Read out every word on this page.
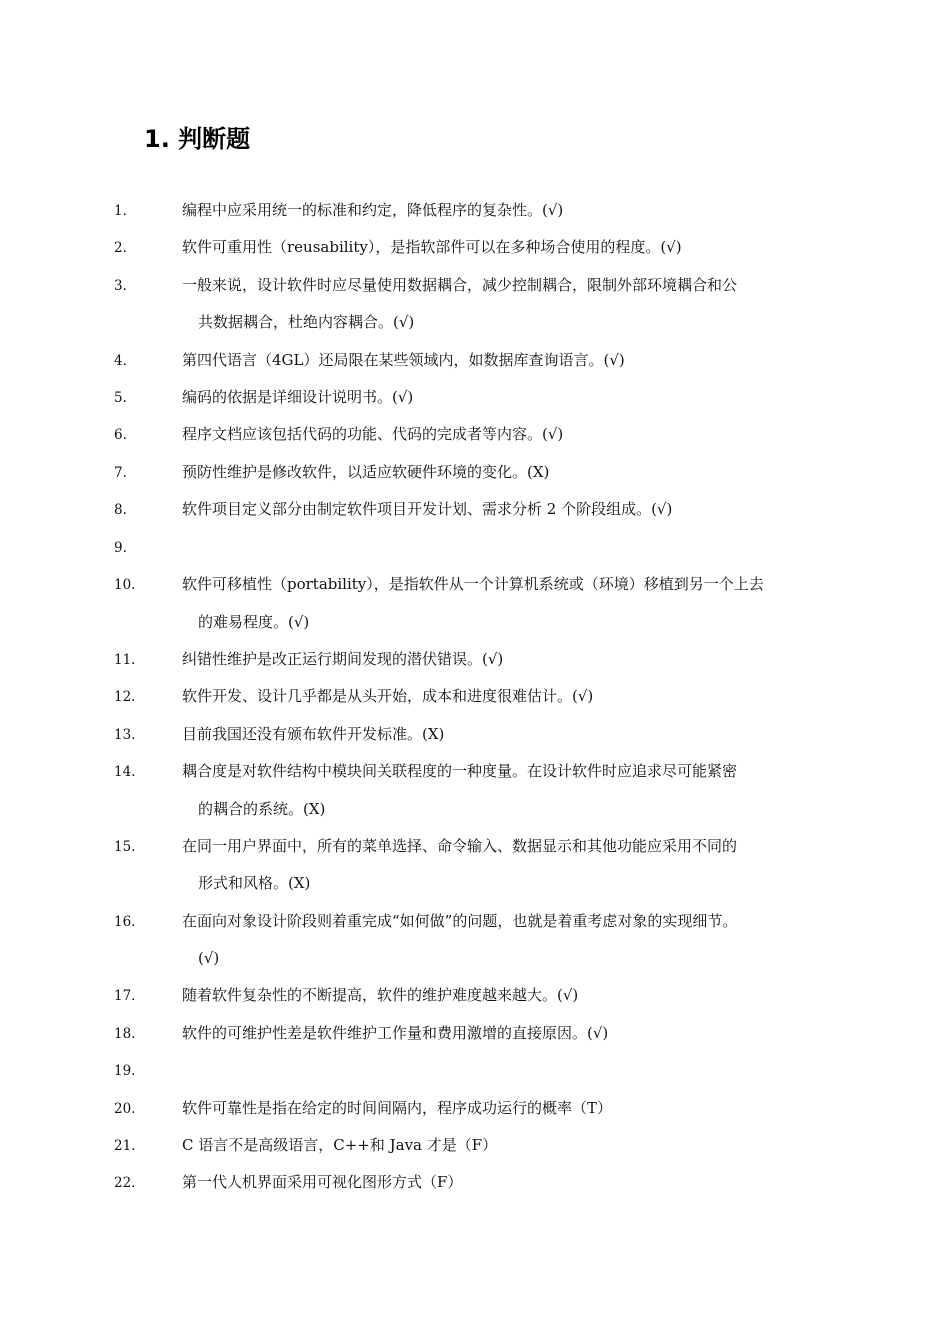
1. 判断题
1.	编程中应采用统一的标准和约定，降低程序的复杂性。(√)
2.	软件可重用性（reusability），是指软部件可以在多种场合使用的程度。(√)
3.	一般来说，设计软件时应尽量使用数据耦合，减少控制耦合，限制外部环境耦合和公

共数据耦合，杜绝内容耦合。(√)
4.	第四代语言（4GL）还局限在某些领域内，如数据库查询语言。(√)
5.	编码的依据是详细设计说明书。(√)
6.	程序文档应该包括代码的功能、代码的完成者等内容。(√)
7.	预防性维护是修改软件，以适应软硬件环境的变化。(X)
8.	软件项目定义部分由制定软件项目开发计划、需求分析 2 个阶段组成。(√)
9.
10.	软件可移植性（portability），是指软件从一个计算机系统或（环境）移植到另一个上去

的难易程度。(√)
11.	纠错性维护是改正运行期间发现的潜伏错误。(√)
12.	软件开发、设计几乎都是从头开始，成本和进度很难估计。(√)
13.	目前我国还没有颁布软件开发标准。(X)
14.	耦合度是对软件结构中模块间关联程度的一种度量。在设计软件时应追求尽可能紧密

的耦合的系统。(X)
15.	在同一用户界面中，所有的菜单选择、命令输入、数据显示和其他功能应采用不同的

形式和风格。(X)
16.	在面向对象设计阶段则着重完成“如何做”的问题，也就是着重考虑对象的实现细节。

(√)
17.	随着软件复杂性的不断提高，软件的维护难度越来越大。(√)
18.	软件的可维护性差是软件维护工作量和费用激增的直接原因。(√)
19.
20.	软件可靠性是指在给定的时间间隔内，程序成功运行的概率（T）
21.	C 语言不是高级语言，C++和 Java 才是（F）
22.	第一代人机界面采用可视化图形方式（F）
